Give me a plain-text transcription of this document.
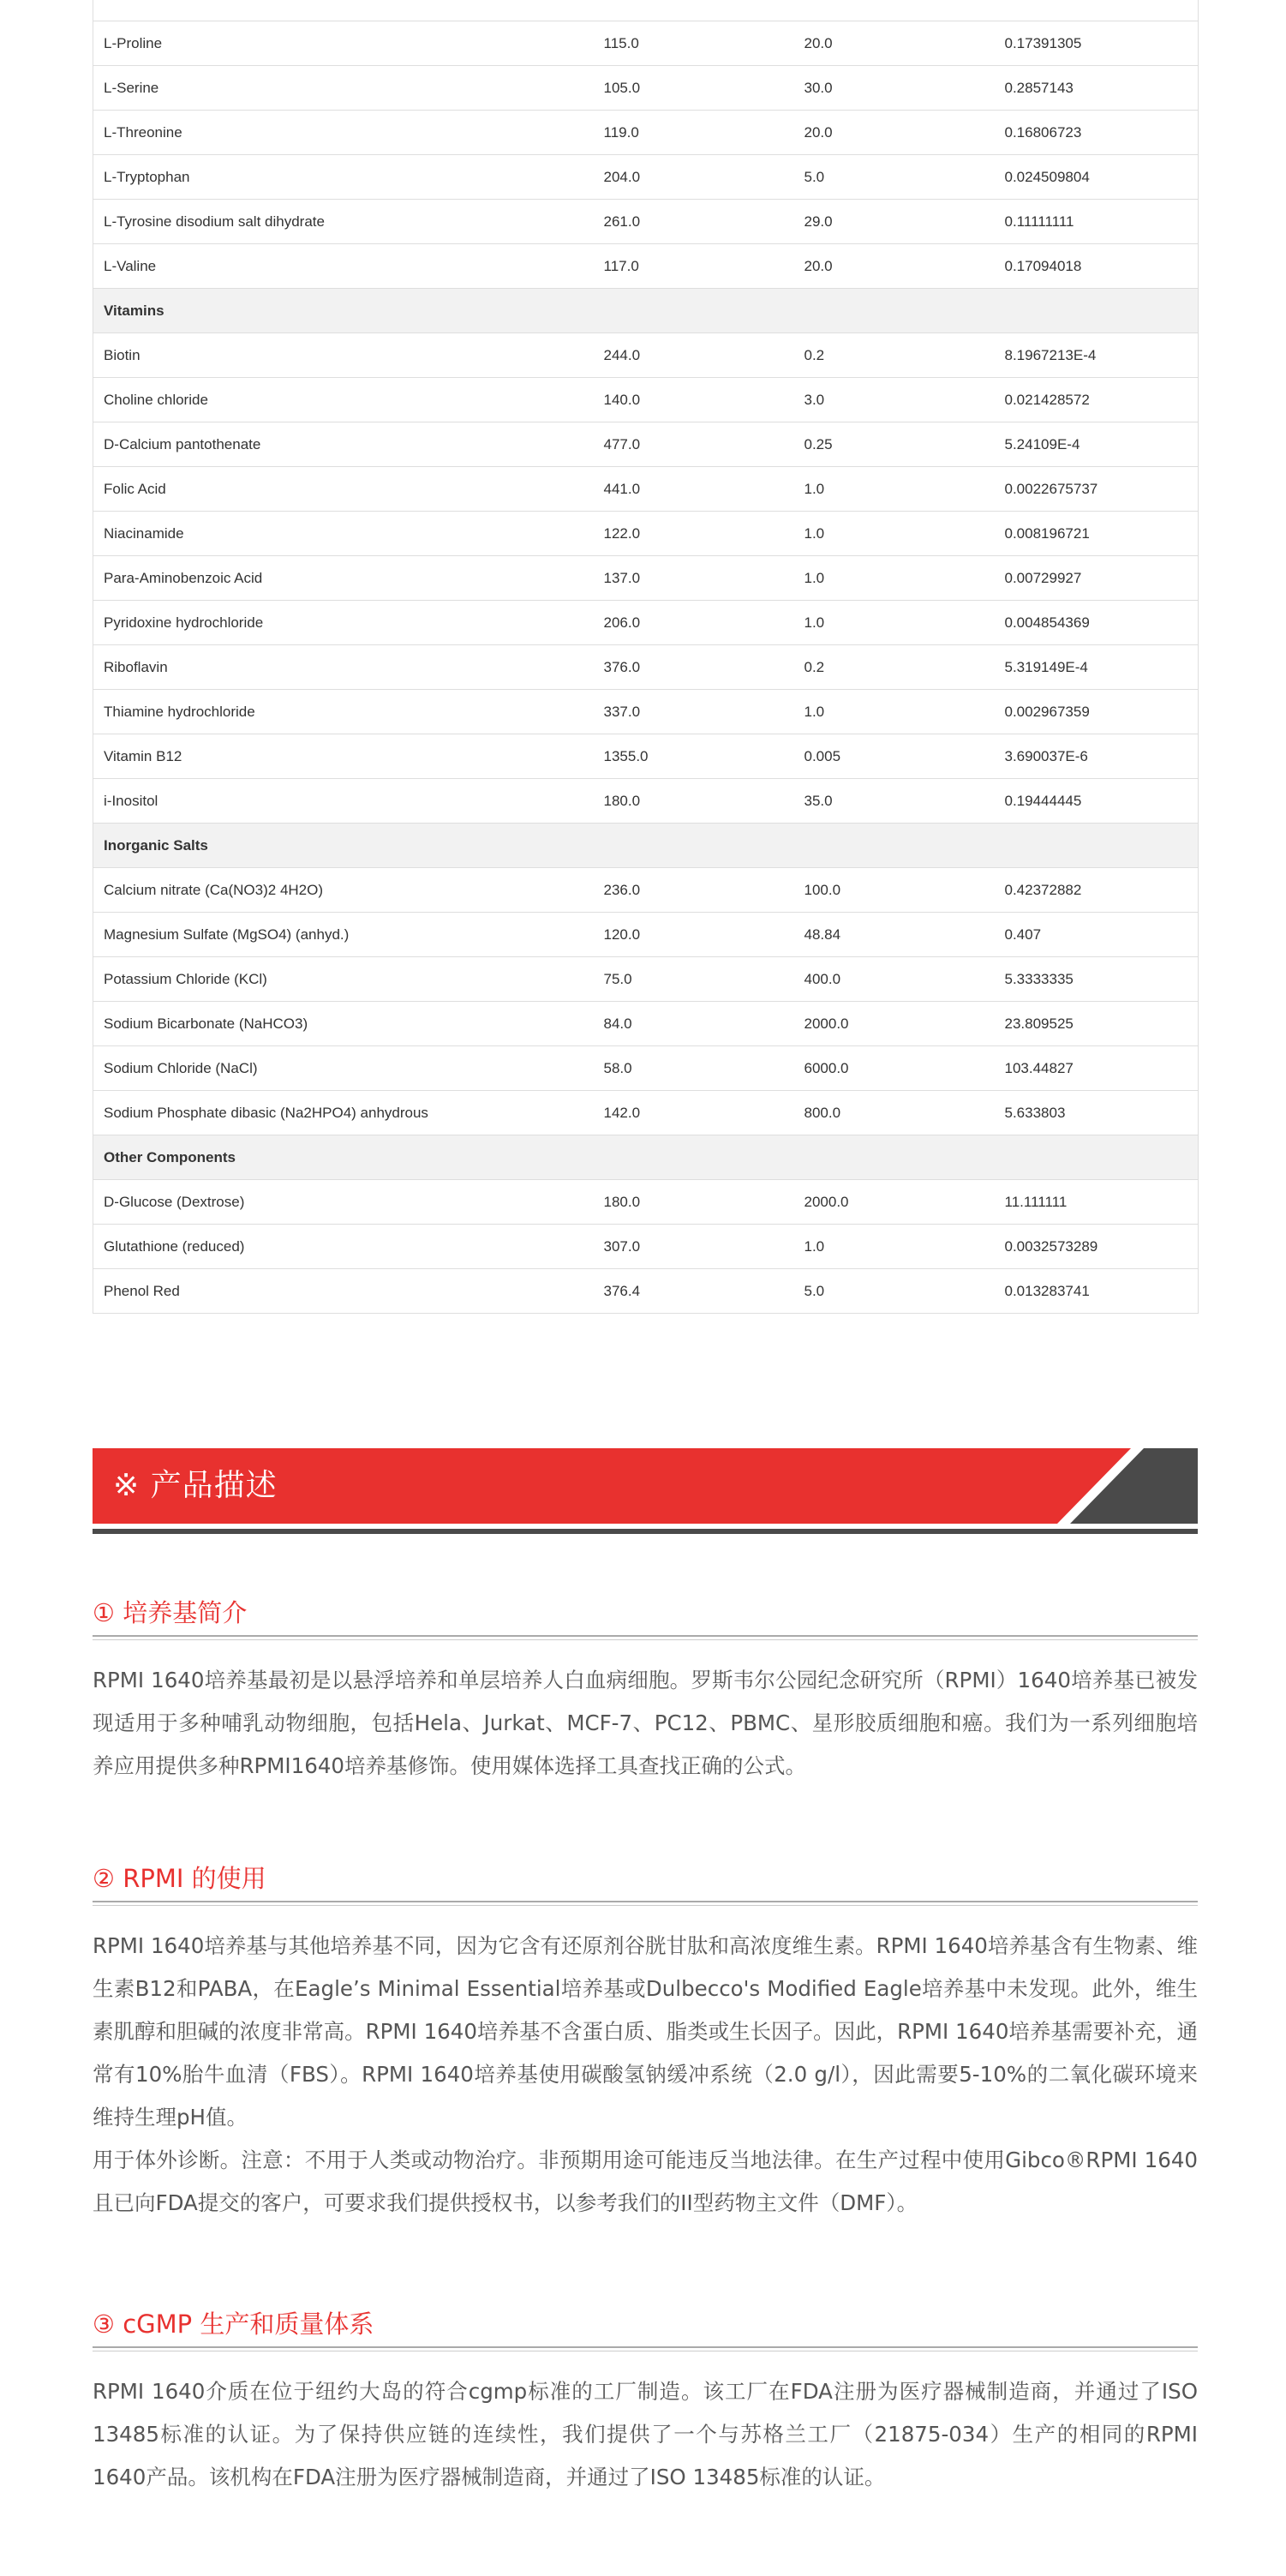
L-Proline	115.0	20.0	0.17391305
L-Serine	105.0	30.0	0.2857143
L-Threonine	119.0	20.0	0.16806723
L-Tryptophan	204.0	5.0	0.024509804
L-Tyrosine disodium salt dihydrate	261.0	29.0	0.11111111
L-Valine	117.0	20.0	0.17094018
Vitamins			
Biotin	244.0	0.2	8.1967213E-4
Choline chloride	140.0	3.0	0.021428572
D-Calcium pantothenate	477.0	0.25	5.24109E-4
Folic Acid	441.0	1.0	0.0022675737
Niacinamide	122.0	1.0	0.008196721
Para-Aminobenzoic Acid	137.0	1.0	0.00729927
Pyridoxine hydrochloride	206.0	1.0	0.004854369
Riboflavin	376.0	0.2	5.319149E-4
Thiamine hydrochloride	337.0	1.0	0.002967359
Vitamin B12	1355.0	0.005	3.690037E-6
i-Inositol	180.0	35.0	0.19444445
Inorganic Salts			
Calcium nitrate (Ca(NO3)2 4H2O)	236.0	100.0	0.42372882
Magnesium Sulfate (MgSO4) (anhyd.)	120.0	48.84	0.407
Potassium Chloride (KCl)	75.0	400.0	5.3333335
Sodium Bicarbonate (NaHCO3)	84.0	2000.0	23.809525
Sodium Chloride (NaCl)	58.0	6000.0	103.44827
Sodium Phosphate dibasic (Na2HPO4) anhydrous	142.0	800.0	5.633803
Other Components			
D-Glucose (Dextrose)	180.0	2000.0	11.111111
Glutathione (reduced)	307.0	1.0	0.0032573289
Phenol Red	376.4	5.0	0.013283741
※ 产品描述
① 培养基简介

RPMI 1640培养基最初是以悬浮培养和单层培养人白血病细胞。罗斯韦尔公园纪念研究所（RPMI）1640培养基已被发现适用于多种哺乳动物细胞，包括Hela、Jurkat、MCF-7、PC12、PBMC、星形胶质细胞和癌。我们为一系列细胞培养应用提供多种RPMI1640培养基修饰。使用媒体选择工具查找正确的公式。

② RPMI 的使用

RPMI 1640培养基与其他培养基不同，因为它含有还原剂谷胱甘肽和高浓度维生素。RPMI 1640培养基含有生物素、维生素B12和PABA，在Eagle’s Minimal Essential培养基或Dulbecco's Modified Eagle培养基中未发现。此外，维生素肌醇和胆碱的浓度非常高。RPMI 1640培养基不含蛋白质、脂类或生长因子。因此，RPMI 1640培养基需要补充，通常有10%胎牛血清（FBS）。RPMI 1640培养基使用碳酸氢钠缓冲系统（2.0 g/l），因此需要5-10%的二氧化碳环境来维持生理pH值。

用于体外诊断。注意：不用于人类或动物治疗。非预期用途可能违反当地法律。在生产过程中使用Gibco®RPMI 1640且已向FDA提交的客户，可要求我们提供授权书，以参考我们的II型药物主文件（DMF）。

③ cGMP 生产和质量体系

RPMI 1640介质在位于纽约大岛的符合cgmp标准的工厂制造。该工厂在FDA注册为医疗器械制造商，并通过了ISO 13485标准的认证。为了保持供应链的连续性，我们提供了一个与苏格兰工厂（21875-034）生产的相同的RPMI 1640产品。该机构在FDA注册为医疗器械制造商，并通过了ISO 13485标准的认证。
